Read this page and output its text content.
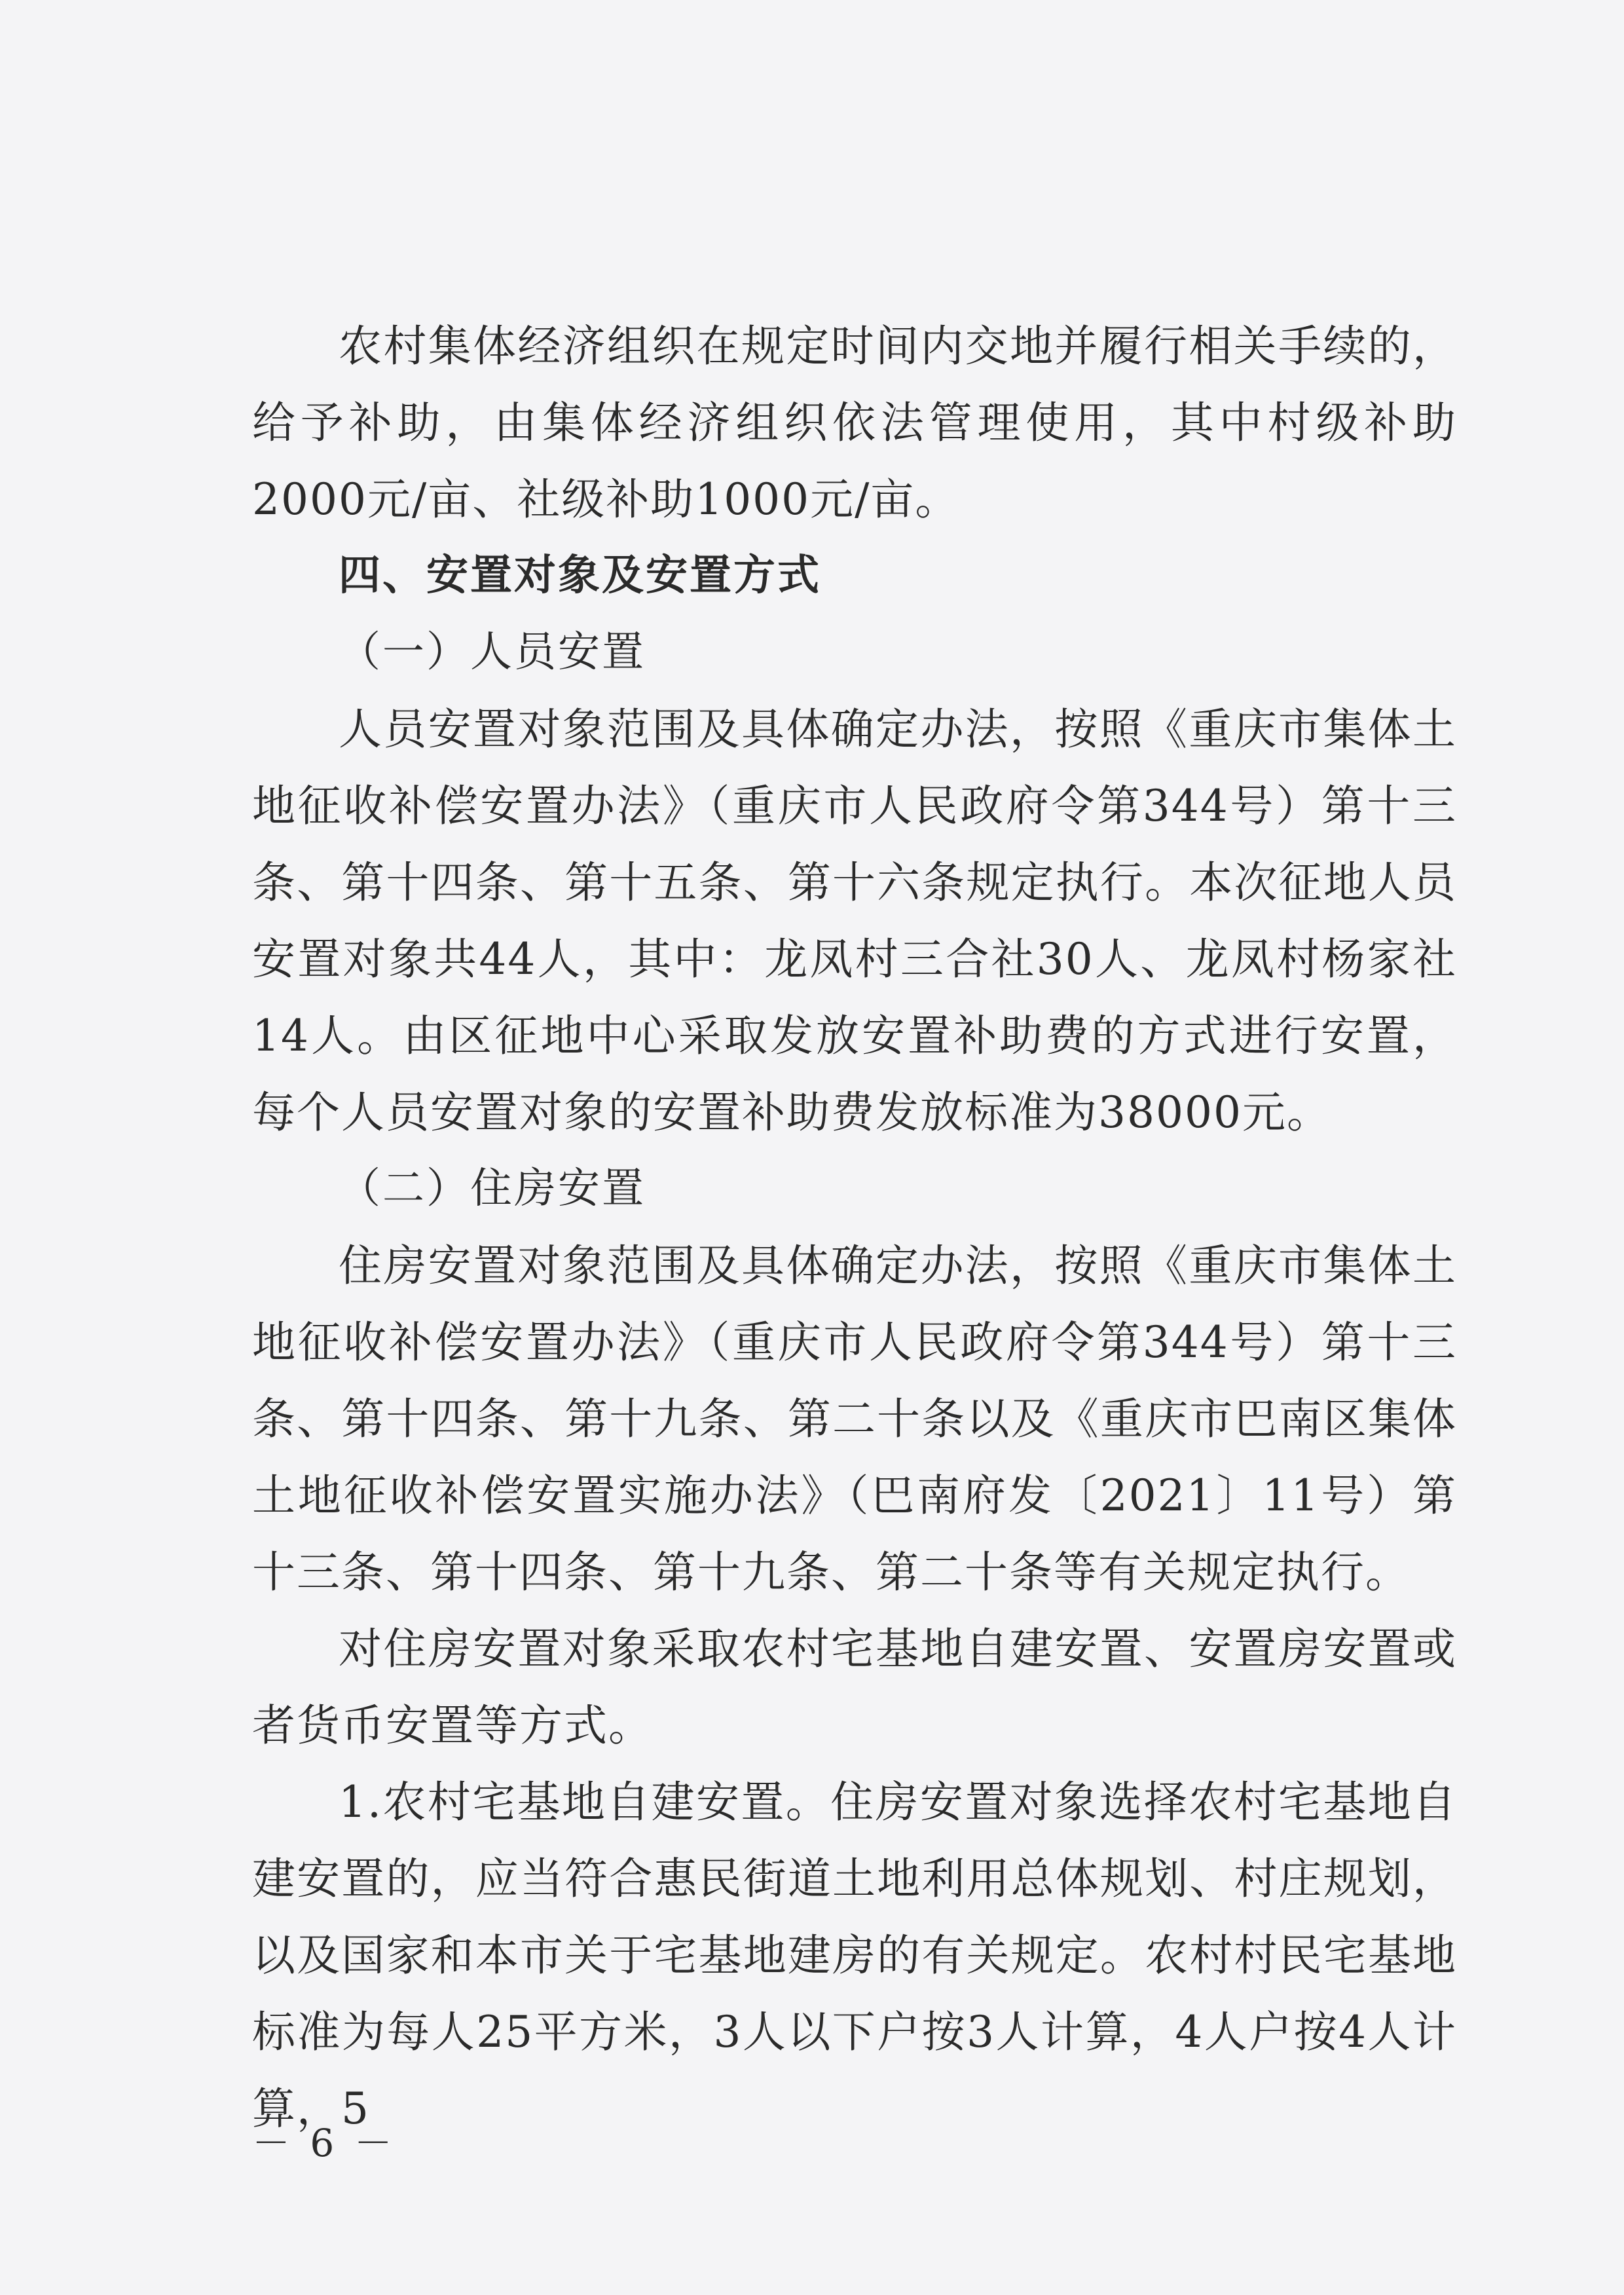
农村集体经济组织在规定时间内交地并履行相关手续的，给予补助，由集体经济组织依法管理使用，其中村级补助2000元/亩、社级补助1000元/亩。

四、安置对象及安置方式

（一）人员安置

人员安置对象范围及具体确定办法，按照《重庆市集体土地征收补偿安置办法》（重庆市人民政府令第344号）第十三条、第十四条、第十五条、第十六条规定执行。本次征地人员安置对象共44人，其中：龙凤村三合社30人、龙凤村杨家社14人。由区征地中心采取发放安置补助费的方式进行安置，每个人员安置对象的安置补助费发放标准为38000元。

（二）住房安置

住房安置对象范围及具体确定办法，按照《重庆市集体土地征收补偿安置办法》（重庆市人民政府令第344号）第十三条、第十四条、第十九条、第二十条以及《重庆市巴南区集体土地征收补偿安置实施办法》（巴南府发〔2021〕11号）第十三条、第十四条、第十九条、第二十条等有关规定执行。

对住房安置对象采取农村宅基地自建安置、安置房安置或者货币安置等方式。

1.农村宅基地自建安置。住房安置对象选择农村宅基地自建安置的，应当符合惠民街道土地利用总体规划、村庄规划，以及国家和本市关于宅基地建房的有关规定。农村村民宅基地标准为每人25平方米，3人以下户按3人计算，4人户按4人计算，5

－ 6 －
